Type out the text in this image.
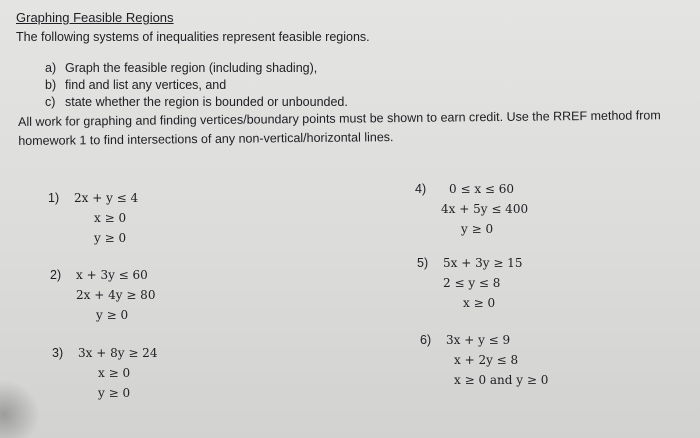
Graphing Feasible Regions
The following systems of inequalities represent feasible regions.
a) Graph the feasible region (including shading),
b) find and list any vertices, and
c) state whether the region is bounded or unbounded.
All work for graphing and finding vertices/boundary points must be shown to earn credit. Use the RREF method from homework 1 to find intersections of any non-vertical/horizontal lines.
1) 2x + y ≤ 4
x ≥ 0
y ≥ 0
2) x + 3y ≤ 60
2x + 4y ≥ 80
y ≥ 0
3) 3x + 8y ≥ 24
x ≥ 0
y ≥ 0
4)	0 ≤ x ≤ 60
4x + 5y ≤ 400
y ≥ 0
5) 5x + 3y ≥ 15
2 ≤ y ≤ 8
x ≥ 0
6) 3x + y ≤ 9
x + 2y ≤ 8
x ≥ 0 and y ≥ 0
